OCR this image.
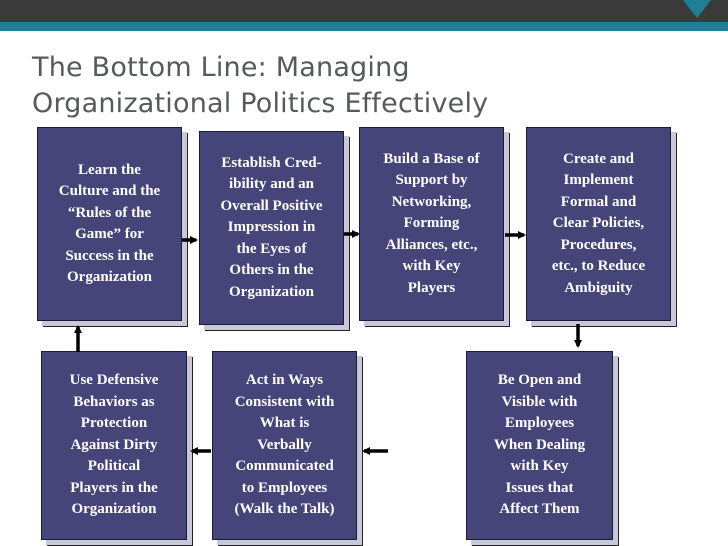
The Bottom Line: Managing
Organizational Politics Effectively
Learn the
Culture and the
“Rules of the
Game” for
Success in the
Organization
Establish Cred-
ibility and an
Overall Positive
Impression in
the Eyes of
Others in the
Organization
Build a Base of
Support by
Networking,
Forming
Alliances, etc.,
with Key
Players
Create and
Implement
Formal and
Clear Policies,
Procedures,
etc., to Reduce
Ambiguity
Use Defensive
Behaviors as
Protection
Against Dirty
Political
Players in the
Organization
Act in Ways
Consistent with
What is
Verbally
Communicated
to Employees
(Walk the Talk)
Be Open and
Visible with
Employees
When Dealing
with Key
Issues that
Affect Them
